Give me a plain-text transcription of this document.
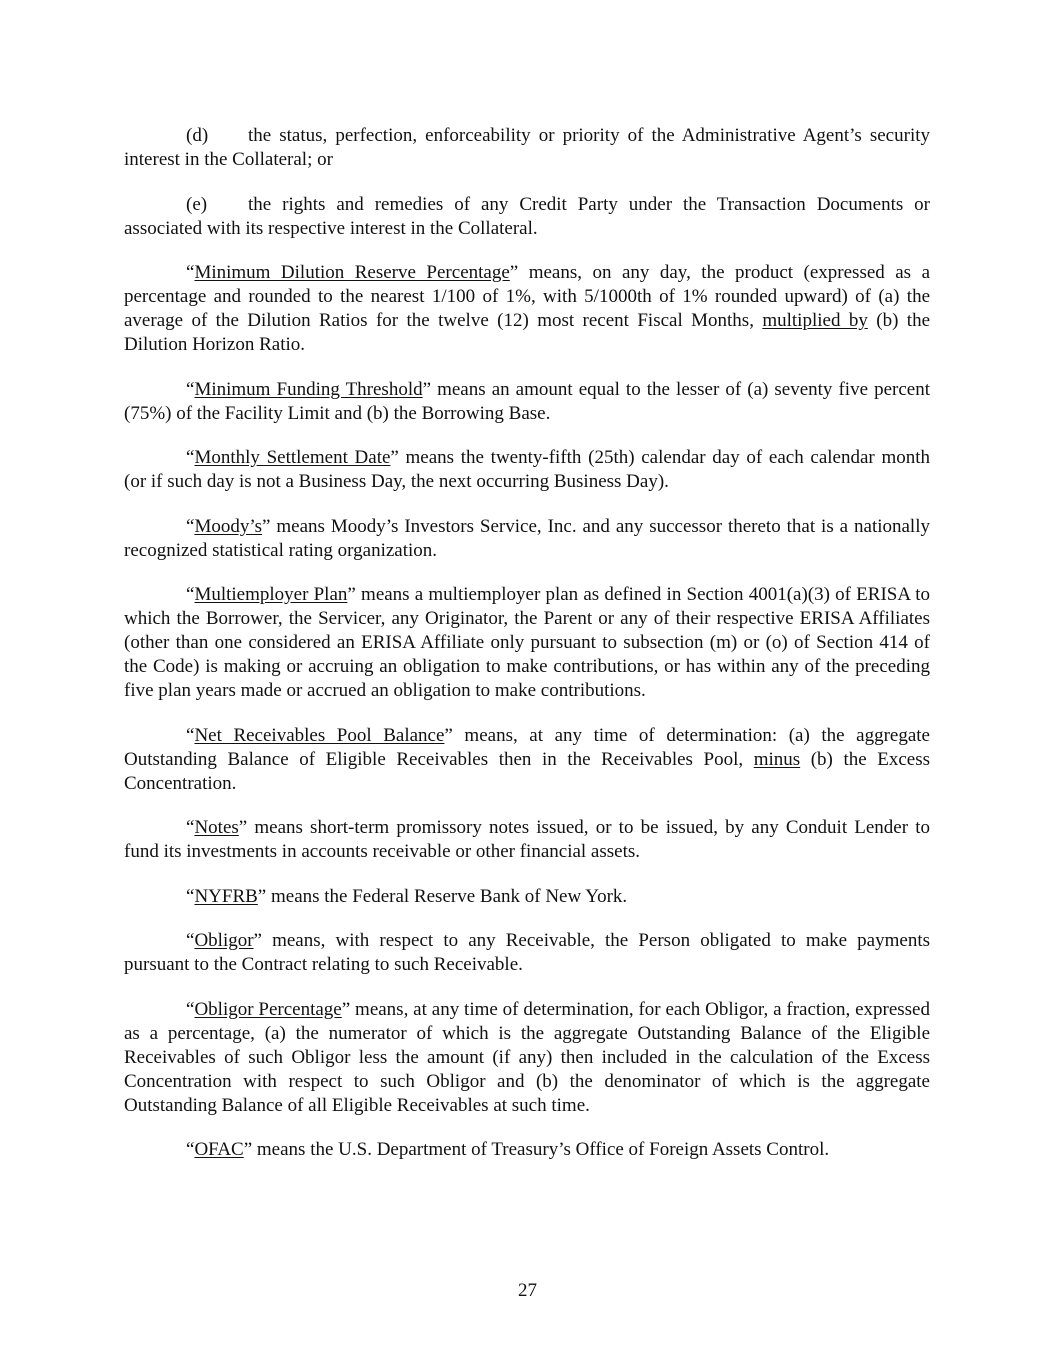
(d) the status, perfection, enforceability or priority of the Administrative Agent’s security interest in the Collateral; or

(e) the rights and remedies of any Credit Party under the Transaction Documents or associated with its respective interest in the Collateral.

“Minimum Dilution Reserve Percentage” means, on any day, the product (expressed as a percentage and rounded to the nearest 1/100 of 1%, with 5/1000th of 1% rounded upward) of (a) the average of the Dilution Ratios for the twelve (12) most recent Fiscal Months, multiplied by (b) the Dilution Horizon Ratio.

“Minimum Funding Threshold” means an amount equal to the lesser of (a) seventy five percent (75%) of the Facility Limit and (b) the Borrowing Base.

“Monthly Settlement Date” means the twenty-fifth (25th) calendar day of each calendar month (or if such day is not a Business Day, the next occurring Business Day).

“Moody’s” means Moody’s Investors Service, Inc. and any successor thereto that is a nationally recognized statistical rating organization.

“Multiemployer Plan” means a multiemployer plan as defined in Section 4001(a)(3) of ERISA to which the Borrower, the Servicer, any Originator, the Parent or any of their respective ERISA Affiliates (other than one considered an ERISA Affiliate only pursuant to subsection (m) or (o) of Section 414 of the Code) is making or accruing an obligation to make contributions, or has within any of the preceding five plan years made or accrued an obligation to make contributions.

“Net Receivables Pool Balance” means, at any time of determination: (a) the aggregate Outstanding Balance of Eligible Receivables then in the Receivables Pool, minus (b) the Excess Concentration.

“Notes” means short-term promissory notes issued, or to be issued, by any Conduit Lender to fund its investments in accounts receivable or other financial assets.

“NYFRB” means the Federal Reserve Bank of New York.

“Obligor” means, with respect to any Receivable, the Person obligated to make payments pursuant to the Contract relating to such Receivable.

“Obligor Percentage” means, at any time of determination, for each Obligor, a fraction, expressed as a percentage, (a) the numerator of which is the aggregate Outstanding Balance of the Eligible Receivables of such Obligor less the amount (if any) then included in the calculation of the Excess Concentration with respect to such Obligor and (b) the denominator of which is the aggregate Outstanding Balance of all Eligible Receivables at such time.

“OFAC” means the U.S. Department of Treasury’s Office of Foreign Assets Control.

27
